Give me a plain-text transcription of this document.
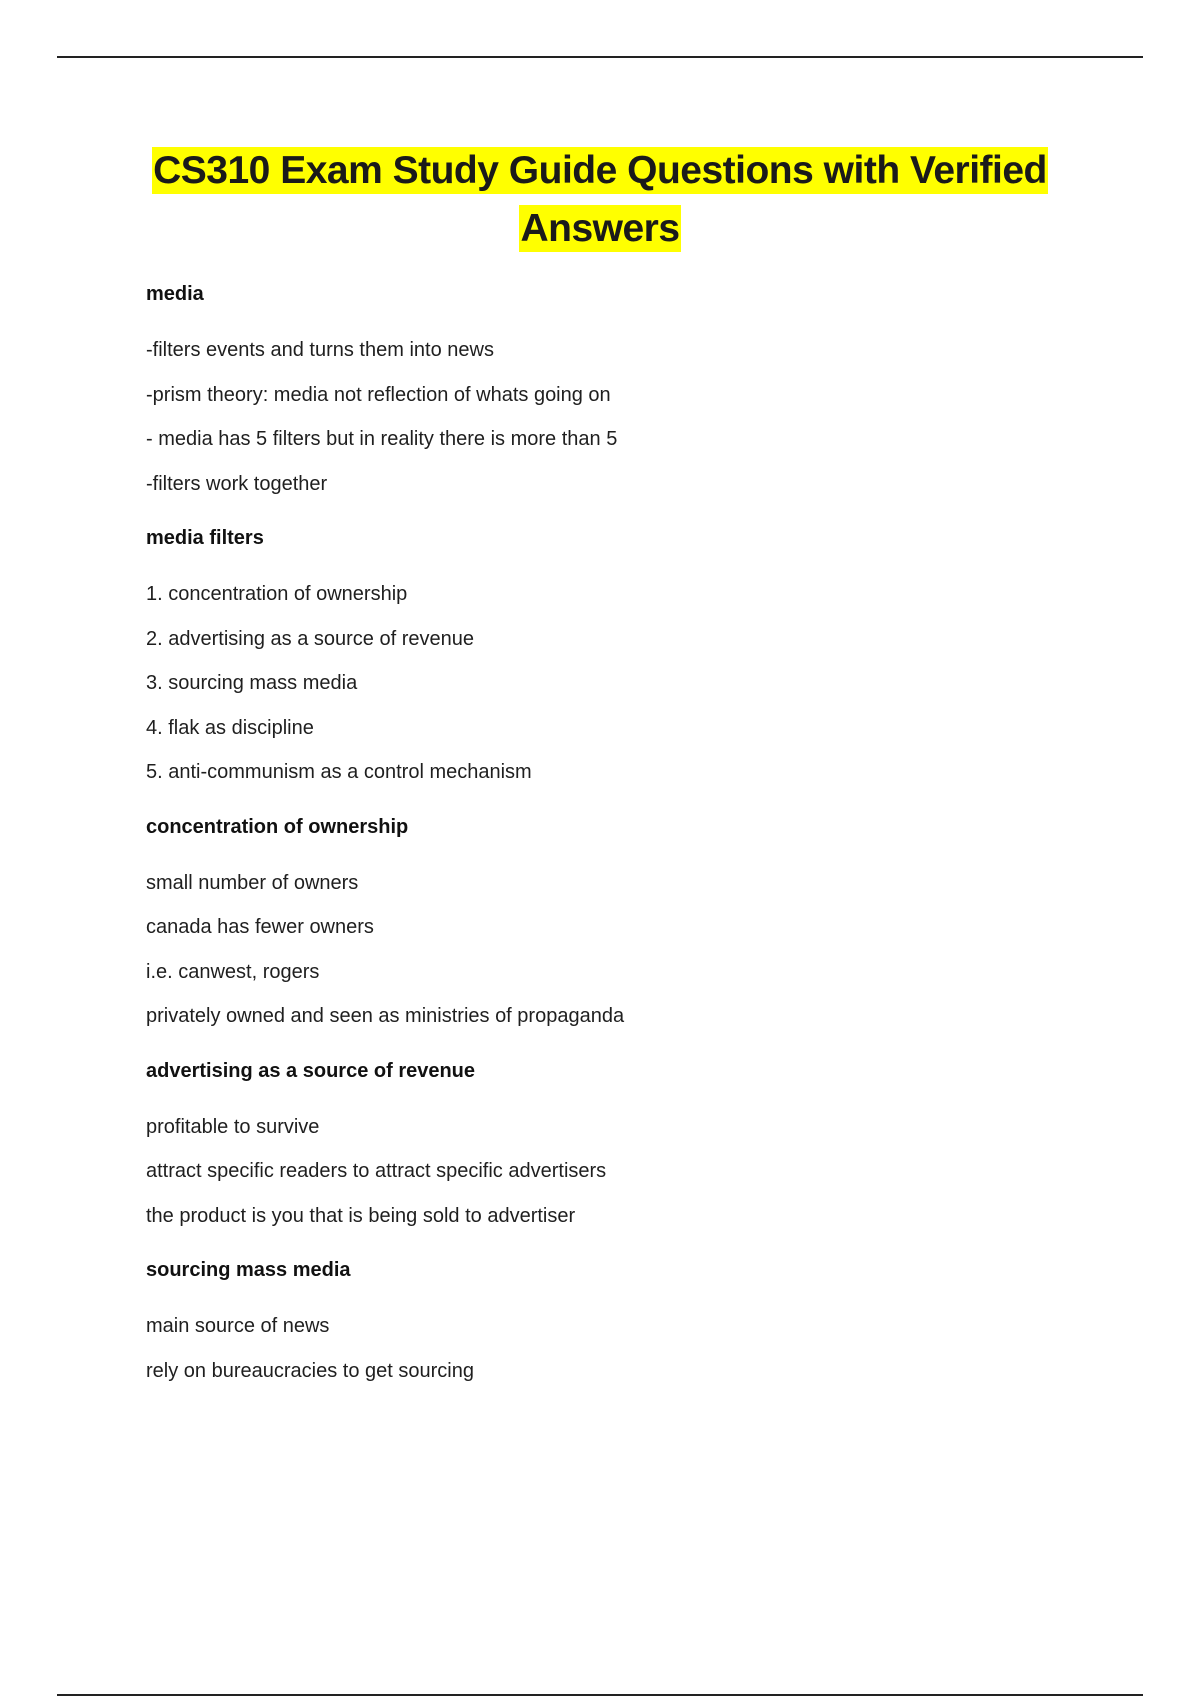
CS310 Exam Study Guide Questions with Verified
Answers
media
-filters events and turns them into news
-prism theory: media not reflection of whats going on
- media has 5 filters but in reality there is more than 5
-filters work together
media filters
1. concentration of ownership
2. advertising as a source of revenue
3. sourcing mass media
4. flak as discipline
5. anti-communism as a control mechanism
concentration of ownership
small number of owners
canada has fewer owners
i.e. canwest, rogers
privately owned and seen as ministries of propaganda
advertising as a source of revenue
profitable to survive
attract specific readers to attract specific advertisers
the product is you that is being sold to advertiser
sourcing mass media
main source of news
rely on bureaucracies to get sourcing
